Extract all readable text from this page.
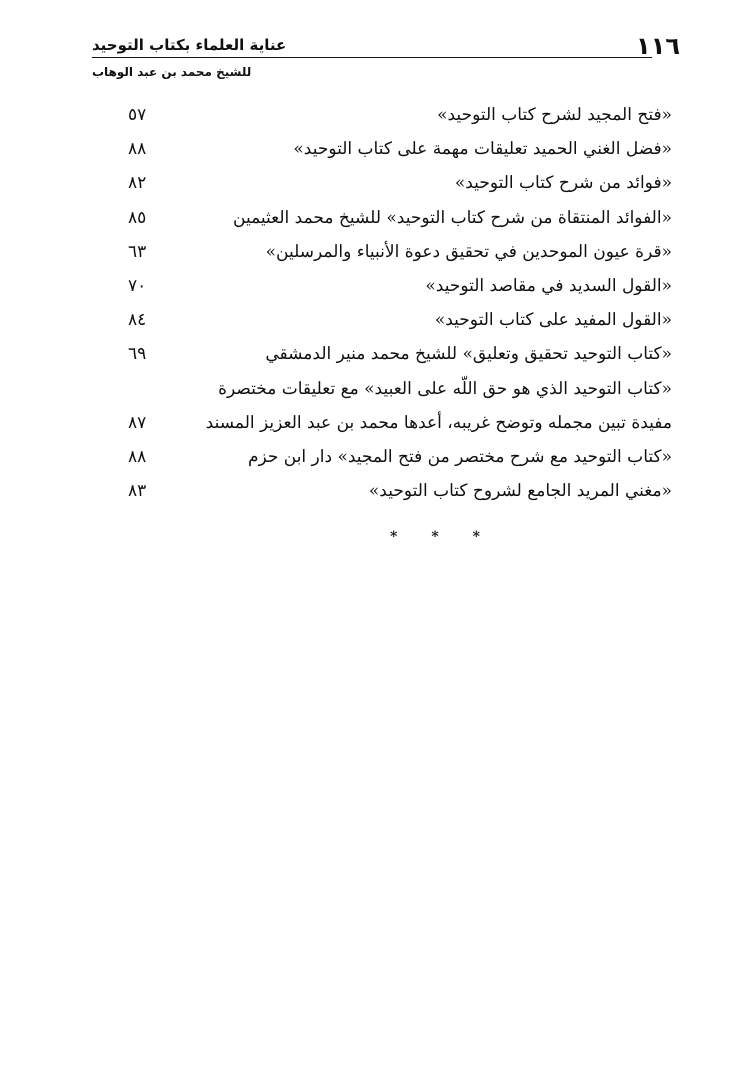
١١٦
عناية العلماء بكتاب التوحيد
للشيخ محمد بن عبد الوهاب
«فتح المجيد لشرح كتاب التوحيد»
٥٧
«فضل الغني الحميد تعليقات مهمة على كتاب التوحيد»
٨٨
«فوائد من شرح كتاب التوحيد»
٨٢
«الفوائد المنتقاة من شرح كتاب التوحيد» للشيخ محمد العثيمين
٨٥
«قرة عيون الموحدين في تحقيق دعوة الأنبياء والمرسلين»
٦٣
«القول السديد في مقاصد التوحيد»
٧٠
«القول المفيد على كتاب التوحيد»
٨٤
«كتاب التوحيد تحقيق وتعليق» للشيخ محمد منير الدمشقي
٦٩
«كتاب التوحيد الذي هو حق اللّه على العبيد» مع تعليقات مختصرة
مفيدة تبين مجمله وتوضح غريبه، أعدها محمد بن عبد العزيز المسند
٨٧
«كتاب التوحيد مع شرح مختصر من فتح المجيد» دار ابن حزم
٨٨
«مغني المريد الجامع لشروح كتاب التوحيد»
٨٣
* * *
